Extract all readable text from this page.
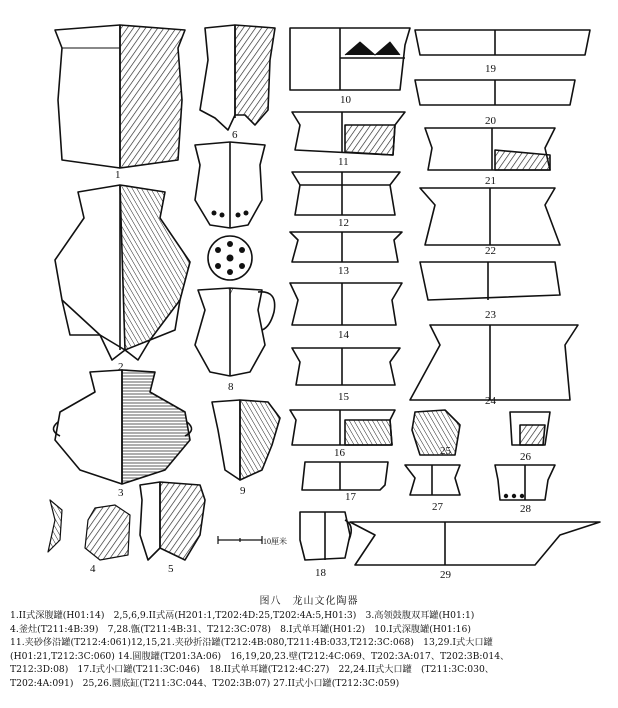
1
2
3
4	5
6
7
8
9
10
11
12
13
14
15
16
17
18
19
20
21
22
23
24
25	26
27	28
29
10厘米
图八　龙山文化陶器
1.II式深腹罐(H01:14)　2,5,6,9.II式鬲(H201:1,T202:4D:25,T202:4A:5,H01:3)　3.高领鼓腹双耳罐(H01:1)
4.釜灶(T211:4B:39)　7,28.甑(T211:4B:31、T212:3C:078)　8.I式单耳罐(H01:2)　10.I式深腹罐(H01:16)
11.夹砂侈沿罐(T212:4:061)12,15,21.夹砂折沿罐(T212:4B:080,T211:4B:033,T212:3C:068)　13,29.I式大口罐
(H01:21,T212:3C:060) 14.圆腹罐(T201:3A:06)　16,19,20,23.壁(T212:4C:069、T202:3A:017、T202:3B:014、
T212:3D:08)　17.I式小口罐(T211:3C:046)　18.II式单耳罐(T212:4C:27)　22,24.II式大口罐　(T211:3C:030、
T202:4A:091)　25,26.圜底缸(T211:3C:044、T202:3B:07) 27.II式小口罐(T212:3C:059)
